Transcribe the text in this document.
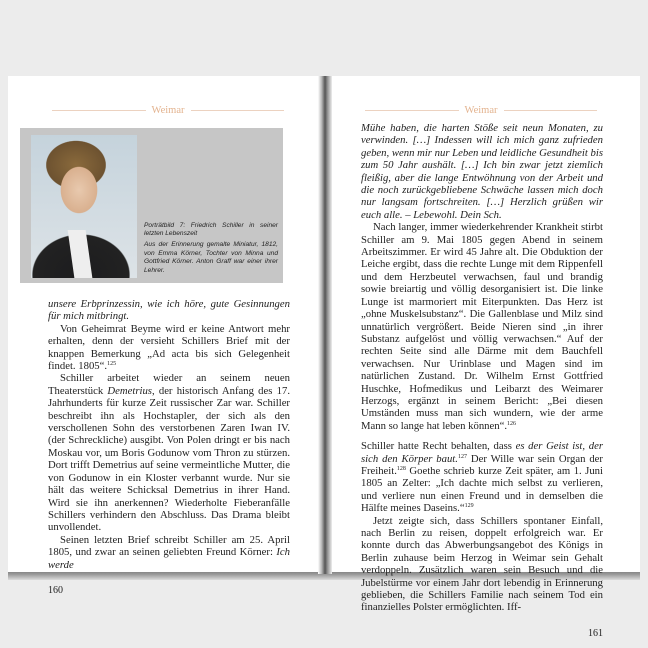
Weimar

Porträtbild 7: Friedrich Schiller in seiner letzten Lebenszeit

Aus der Erinnerung gemalte Miniatur, 1812, von Emma Körner, Tochter von Minna und Gottfried Körner. Anton Graff war einer ihrer Lehrer.

unsere Erbprinzessin, wie ich höre, gute Gesinnungen für mich mitbringt.

Von Geheimrat Beyme wird er keine Antwort mehr erhalten, denn der versieht Schillers Brief mit der knappen Bemerkung „Ad acta bis sich Gelegenheit findet. 1805“.$^{125}$

Schiller arbeitet wieder an seinem neuen Theaterstück Demetrius, der historisch Anfang des 17. Jahrhunderts für kurze Zeit russischer Zar war. Schiller beschreibt ihn als Hochstapler, der sich als den verschollenen Sohn des verstorbenen Zaren Iwan IV. (der Schreckliche) ausgibt. Von Polen dringt er bis nach Moskau vor, um Boris Godunow vom Thron zu stürzen. Dort trifft Demetrius auf seine vermeintliche Mutter, die von Godunow in ein Kloster verbannt wurde. Nur sie hält das weitere Schicksal Demetrius in ihrer Hand. Wird sie ihn anerkennen? Wiederholte Fieberanfälle Schillers verhindern den Abschluss. Das Drama bleibt unvollendet.

Seinen letzten Brief schreibt Schiller am 25. April 1805, und zwar an seinen geliebten Freund Körner: Ich werde

160
Weimar

Mühe haben, die harten Stöße seit neun Monaten, zu verwinden. […] Indessen will ich mich ganz zufrieden geben, wenn mir nur Leben und leidliche Gesundheit bis zum 50 Jahr aushält. […] Ich bin zwar jetzt ziemlich fleißig, aber die lange Entwöhnung von der Arbeit und die noch zurückgebliebene Schwäche lassen mich doch nur langsam fortschreiten. […] Herzlich grüßen wir euch alle. – Lebewohl. Dein Sch.

Nach langer, immer wiederkehrender Krankheit stirbt Schiller am 9. Mai 1805 gegen Abend in seinem Arbeitszimmer. Er wird 45 Jahre alt. Die Obduktion der Leiche ergibt, dass die rechte Lunge mit dem Rippenfell und dem Herzbeutel verwachsen, faul und brandig sowie breiartig und völlig desorganisiert ist. Die linke Lunge ist marmoriert mit Eiterpunkten. Das Herz ist „ohne Muskelsubstanz“. Die Gallenblase und Milz sind unnatürlich vergrößert. Beide Nieren sind „in ihrer Substanz aufgelöst und völlig verwachsen.“ Auf der rechten Seite sind alle Därme mit dem Bauchfell verwachsen. Nur Urinblase und Magen sind im natürlichen Zustand. Dr. Wilhelm Ernst Gottfried Huschke, Hofmedikus und Leibarzt des Weimarer Herzogs, ergänzt in seinem Bericht: „Bei diesen Umständen muss man sich wundern, wie der arme Mann so lange hat leben können“.$^{126}$

Schiller hatte Recht behalten, dass es der Geist ist, der sich den Körper baut.$^{127}$ Der Wille war sein Organ der Freiheit.$^{128}$ Goethe schrieb kurze Zeit später, am 1. Juni 1805 an Zelter: „Ich dachte mich selbst zu verlieren, und verliere nun einen Freund und in demselben die Hälfte meines Daseins.“$^{129}$

Jetzt zeigte sich, dass Schillers spontaner Einfall, nach Berlin zu reisen, doppelt erfolgreich war. Er konnte durch das Abwerbungsangebot des Königs in Berlin zuhause beim Herzog in Weimar sein Gehalt verdoppeln. Zusätzlich waren sein Besuch und die Jubelstürme vor einem Jahr dort lebendig in Erinnerung geblieben, die Schillers Familie nach seinem Tod ein finanzielles Polster ermöglichten. Iff-

161
